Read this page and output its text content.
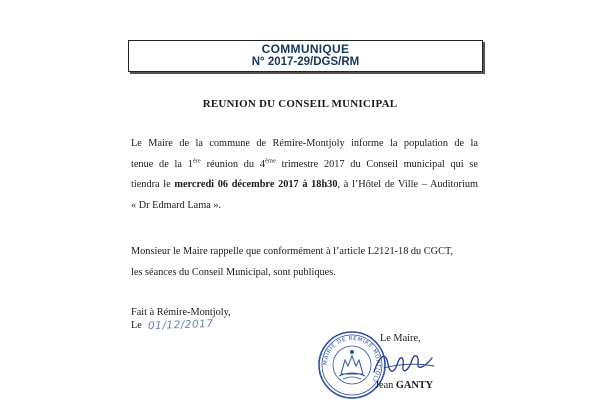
COMMUNIQUE
N° 2017-29/DGS/RM
REUNION DU CONSEIL MUNICIPAL
Le Maire de la commune de Rémire-Montjoly informe la population de la
tenue de la 1ère réunion du 4ème trimestre 2017 du Conseil municipal qui se
tiendra le mercredi 06 décembre 2017 à 18h30, à l’Hôtel de Ville – Auditorium
« Dr Edmard Lama ».
Monsieur le Maire rappelle que conformément à l’article L2121-18 du CGCT,
les séances du Conseil Municipal, sont publiques.
Fait à Rémire-Montjoly,
Le 01/12/2017
MAIRIE DE RÉMIRE-MONTJOLY
Le Maire,
Jean GANTY
